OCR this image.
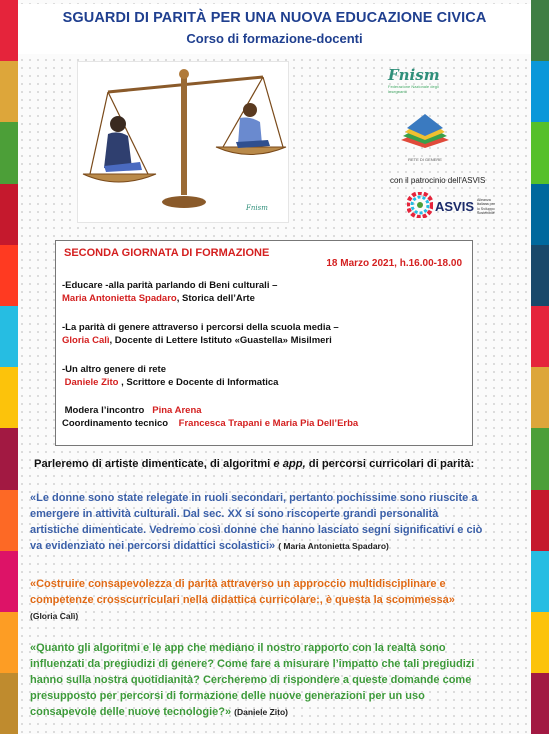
SGUARDI DI PARITÀ PER UNA NUOVA EDUCAZIONE CIVICA
Corso di formazione-docenti
Fnism
Fnism
Federazione Nazionale degli Insegnanti
RETE DI GENERE
con il patrocinio dell'ASVIS
ASVIS Alleanza Italiana per lo Sviluppo Sostenibile
SECONDA GIORNATA DI FORMAZIONE
18 Marzo 2021, h.16.00-18.00
-Educare -alla parità parlando di Beni culturali –
Maria Antonietta Spadaro, Storica dell’Arte
-La parità di genere attraverso i percorsi della scuola media –
Gloria Calì, Docente di Lettere Istituto «Guastella» Misilmeri
-Un altro genere di rete
Daniele Zito , Scrittore e Docente di Informatica
Modera l’incontro Pina Arena
Coordinamento tecnico Francesca Trapani e Maria Pia Dell’Erba
Parleremo di artiste dimenticate, di algoritmi e app, di percorsi curricolari di parità:
«Le donne sono state relegate in ruoli secondari, pertanto pochissime sono riuscite a
emergere in attività culturali. Dal sec. XX si sono riscoperte grandi personalità
artistiche dimenticate. Vedremo così donne che hanno lasciato segni significativi e ciò
va evidenziato nei percorsi didattici scolastici» ( Maria Antonietta Spadaro)
«Costruire consapevolezza di parità attraverso un approccio multidisciplinare e
competenze crosscurriculari nella didattica curricolare:, è questa la scommessa»
(Gloria Calì)
«Quanto gli algoritmi e le app che mediano il nostro rapporto con la realtà sono
influenzati da pregiudizi di genere? Come fare a misurare l’impatto che tali pregiudizi
hanno sulla nostra quotidianità? Cercheremo di rispondere a queste domande come
presupposto per percorsi di formazione delle nuove generazioni per un uso
consapevole delle nuove tecnologie?» (Daniele Zito)
